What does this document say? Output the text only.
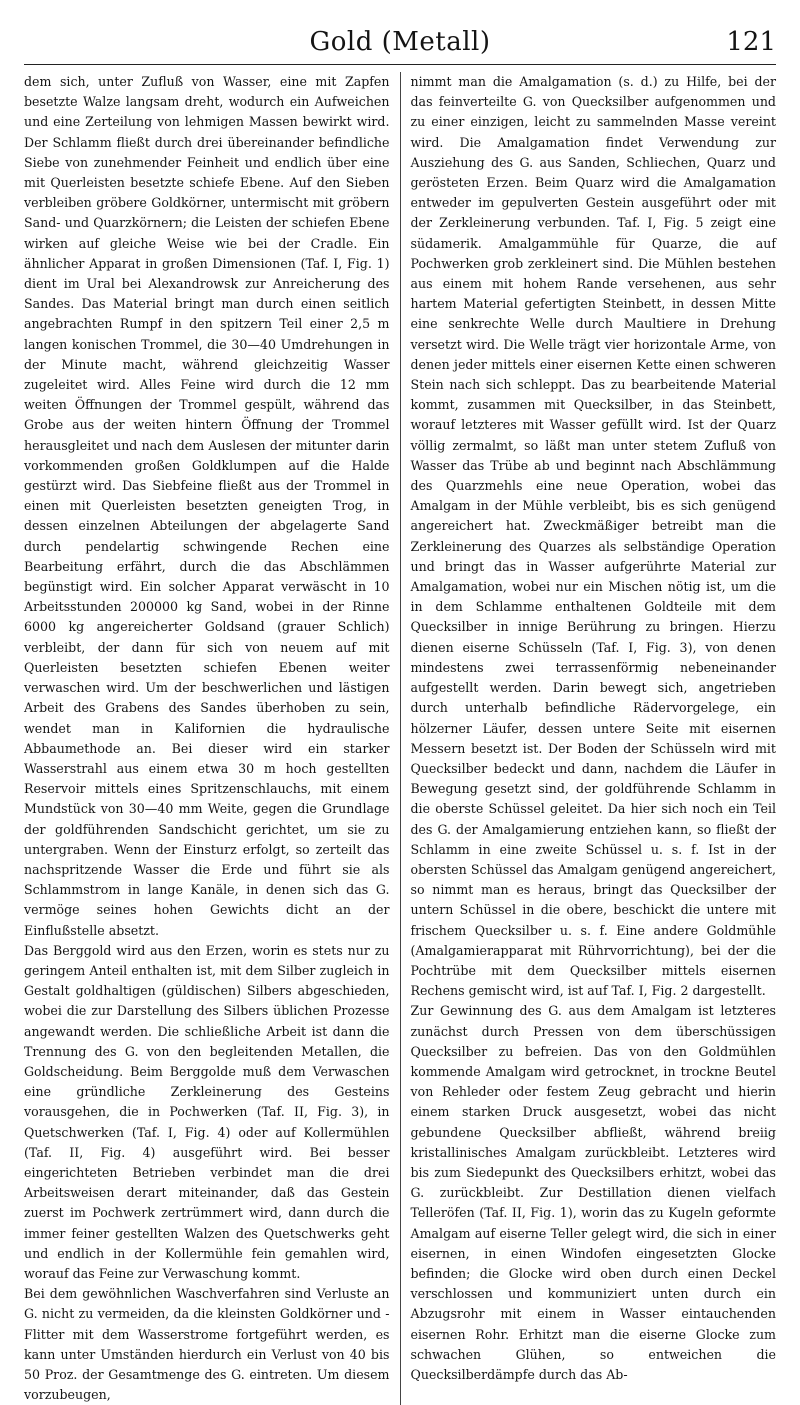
Gold (Metall)	121

dem sich, unter Zufluß von Wasser, eine mit Zapfen besetzte Walze langsam dreht, wodurch ein Aufweichen und eine Zerteilung von lehmigen Massen bewirkt wird. Der Schlamm fließt durch drei übereinander befindliche Siebe von zunehmender Feinheit und endlich über eine mit Querleisten besetzte schiefe Ebene. Auf den Sieben verbleiben gröbere Goldkörner, untermischt mit gröbern Sand- und Quarzkörnern; die Leisten der schiefen Ebene wirken auf gleiche Weise wie bei der Cradle. Ein ähnlicher Apparat in großen Dimensionen (Taf. I, Fig. 1) dient im Ural bei Alexandrowsk zur Anreicherung des Sandes. Das Material bringt man durch einen seitlich angebrachten Rumpf in den spitzern Teil einer 2,5 m langen konischen Trommel, die 30—40 Umdrehungen in der Minute macht, während gleichzeitig Wasser zugeleitet wird. Alles Feine wird durch die 12 mm weiten Öffnungen der Trommel gespült, während das Grobe aus der weiten hintern Öffnung der Trommel herausgleitet und nach dem Auslesen der mitunter darin vorkommenden großen Goldklumpen auf die Halde gestürzt wird. Das Siebfeine fließt aus der Trommel in einen mit Querleisten besetzten geneigten Trog, in dessen einzelnen Abteilungen der abgelagerte Sand durch pendelartig schwingende Rechen eine Bearbeitung erfährt, durch die das Abschlämmen begünstigt wird. Ein solcher Apparat verwäscht in 10 Arbeitsstunden 200000 kg Sand, wobei in der Rinne 6000 kg angereicherter Goldsand (grauer Schlich) verbleibt, der dann für sich von neuem auf mit Querleisten besetzten schiefen Ebenen weiter verwaschen wird. Um der beschwerlichen und lästigen Arbeit des Grabens des Sandes überhoben zu sein, wendet man in Kalifornien die hydraulische Abbaumethode an. Bei dieser wird ein starker Wasserstrahl aus einem etwa 30 m hoch gestellten Reservoir mittels eines Spritzenschlauchs, mit einem Mundstück von 30—40 mm Weite, gegen die Grundlage der goldführenden Sandschicht gerichtet, um sie zu untergraben. Wenn der Einsturz erfolgt, so zerteilt das nachspritzende Wasser die Erde und führt sie als Schlammstrom in lange Kanäle, in denen sich das G. vermöge seines hohen Gewichts dicht an der Einflußstelle absetzt.

Das Berggold wird aus den Erzen, worin es stets nur zu geringem Anteil enthalten ist, mit dem Silber zugleich in Gestalt goldhaltigen (güldischen) Silbers abgeschieden, wobei die zur Darstellung des Silbers üblichen Prozesse angewandt werden. Die schließliche Arbeit ist dann die Trennung des G. von den begleitenden Metallen, die Goldscheidung. Beim Berggolde muß dem Verwaschen eine gründliche Zerkleinerung des Gesteins vorausgehen, die in Pochwerken (Taf. II, Fig. 3), in Quetschwerken (Taf. I, Fig. 4) oder auf Kollermühlen (Taf. II, Fig. 4) ausgeführt wird. Bei besser eingerichteten Betrieben verbindet man die drei Arbeitsweisen derart miteinander, daß das Gestein zuerst im Pochwerk zertrümmert wird, dann durch die immer feiner gestellten Walzen des Quetschwerks geht und endlich in der Kollermühle fein gemahlen wird, worauf das Feine zur Verwaschung kommt.

Bei dem gewöhnlichen Waschverfahren sind Verluste an G. nicht zu vermeiden, da die kleinsten Goldkörner und -Flitter mit dem Wasserstrome fortgeführt werden, es kann unter Umständen hierdurch ein Verlust von 40 bis 50 Proz. der Gesamtmenge des G. eintreten. Um diesem vorzubeugen,

nimmt man die Amalgamation (s. d.) zu Hilfe, bei der das feinverteilte G. von Quecksilber aufgenommen und zu einer einzigen, leicht zu sammelnden Masse vereint wird. Die Amalgamation findet Verwendung zur Ausziehung des G. aus Sanden, Schliechen, Quarz und gerösteten Erzen. Beim Quarz wird die Amalgamation entweder im gepulverten Gestein ausgeführt oder mit der Zerkleinerung verbunden. Taf. I, Fig. 5 zeigt eine südamerik. Amalgammühle für Quarze, die auf Pochwerken grob zerkleinert sind. Die Mühlen bestehen aus einem mit hohem Rande versehenen, aus sehr hartem Material gefertigten Steinbett, in dessen Mitte eine senkrechte Welle durch Maultiere in Drehung versetzt wird. Die Welle trägt vier horizontale Arme, von denen jeder mittels einer eisernen Kette einen schweren Stein nach sich schleppt. Das zu bearbeitende Material kommt, zusammen mit Quecksilber, in das Steinbett, worauf letzteres mit Wasser gefüllt wird. Ist der Quarz völlig zermalmt, so läßt man unter stetem Zufluß von Wasser das Trübe ab und beginnt nach Abschlämmung des Quarzmehls eine neue Operation, wobei das Amalgam in der Mühle verbleibt, bis es sich genügend angereichert hat. Zweckmäßiger betreibt man die Zerkleinerung des Quarzes als selbständige Operation und bringt das in Wasser aufgerührte Material zur Amalgamation, wobei nur ein Mischen nötig ist, um die in dem Schlamme enthaltenen Goldteile mit dem Quecksilber in innige Berührung zu bringen. Hierzu dienen eiserne Schüsseln (Taf. I, Fig. 3), von denen mindestens zwei terrassenförmig nebeneinander aufgestellt werden. Darin bewegt sich, angetrieben durch unterhalb befindliche Rädervorgelege, ein hölzerner Läufer, dessen untere Seite mit eisernen Messern besetzt ist. Der Boden der Schüsseln wird mit Quecksilber bedeckt und dann, nachdem die Läufer in Bewegung gesetzt sind, der goldführende Schlamm in die oberste Schüssel geleitet. Da hier sich noch ein Teil des G. der Amalgamierung entziehen kann, so fließt der Schlamm in eine zweite Schüssel u. s. f. Ist in der obersten Schüssel das Amalgam genügend angereichert, so nimmt man es heraus, bringt das Quecksilber der untern Schüssel in die obere, beschickt die untere mit frischem Quecksilber u. s. f. Eine andere Goldmühle (Amalgamierapparat mit Rührvorrichtung), bei der die Pochtrübe mit dem Quecksilber mittels eisernen Rechens gemischt wird, ist auf Taf. I, Fig. 2 dargestellt.

Zur Gewinnung des G. aus dem Amalgam ist letzteres zunächst durch Pressen von dem überschüssigen Quecksilber zu befreien. Das von den Goldmühlen kommende Amalgam wird getrocknet, in trockne Beutel von Rehleder oder festem Zeug gebracht und hierin einem starken Druck ausgesetzt, wobei das nicht gebundene Quecksilber abfließt, während breiig kristallinisches Amalgam zurückbleibt. Letzteres wird bis zum Siedepunkt des Quecksilbers erhitzt, wobei das G. zurückbleibt. Zur Destillation dienen vielfach Telleröfen (Taf. II, Fig. 1), worin das zu Kugeln geformte Amalgam auf eiserne Teller gelegt wird, die sich in einer eisernen, in einen Windofen eingesetzten Glocke befinden; die Glocke wird oben durch einen Deckel verschlossen und kommuniziert unten durch ein Abzugsrohr mit einem in Wasser eintauchenden eisernen Rohr. Erhitzt man die eiserne Glocke zum schwachen Glühen, so entweichen die Quecksilberdämpfe durch das Ab-
